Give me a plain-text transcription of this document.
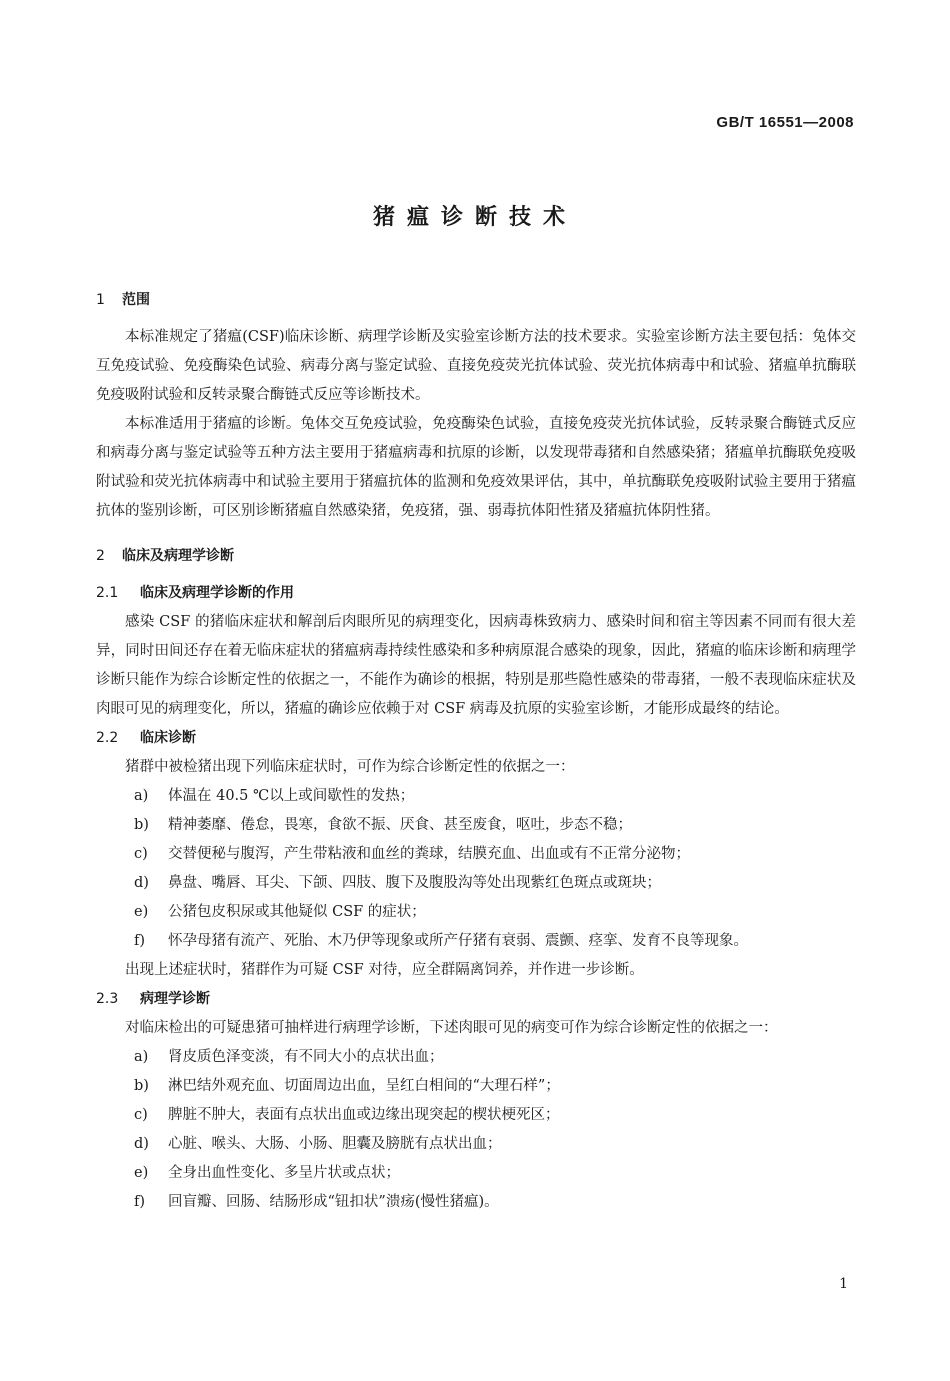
GB/T 16551—2008
猪瘟诊断技术
1 范围

本标准规定了猪瘟(CSF)临床诊断、病理学诊断及实验室诊断方法的技术要求。实验室诊断方法主要包括：兔体交互免疫试验、免疫酶染色试验、病毒分离与鉴定试验、直接免疫荧光抗体试验、荧光抗体病毒中和试验、猪瘟单抗酶联免疫吸附试验和反转录聚合酶链式反应等诊断技术。

本标准适用于猪瘟的诊断。兔体交互免疫试验，免疫酶染色试验，直接免疫荧光抗体试验，反转录聚合酶链式反应和病毒分离与鉴定试验等五种方法主要用于猪瘟病毒和抗原的诊断，以发现带毒猪和自然感染猪；猪瘟单抗酶联免疫吸附试验和荧光抗体病毒中和试验主要用于猪瘟抗体的监测和免疫效果评估，其中，单抗酶联免疫吸附试验主要用于猪瘟抗体的鉴别诊断，可区别诊断猪瘟自然感染猪，免疫猪，强、弱毒抗体阳性猪及猪瘟抗体阴性猪。

2 临床及病理学诊断
2.1 临床及病理学诊断的作用

感染 CSF 的猪临床症状和解剖后肉眼所见的病理变化，因病毒株致病力、感染时间和宿主等因素不同而有很大差异，同时田间还存在着无临床症状的猪瘟病毒持续性感染和多种病原混合感染的现象，因此，猪瘟的临床诊断和病理学诊断只能作为综合诊断定性的依据之一，不能作为确诊的根据，特别是那些隐性感染的带毒猪，一般不表现临床症状及肉眼可见的病理变化，所以，猪瘟的确诊应依赖于对 CSF 病毒及抗原的实验室诊断，才能形成最终的结论。

2.2 临床诊断

猪群中被检猪出现下列临床症状时，可作为综合诊断定性的依据之一：

a)	体温在 40.5 ℃以上或间歇性的发热；

b)	精神萎靡、倦怠，畏寒，食欲不振、厌食、甚至废食，呕吐，步态不稳；

c)	交替便秘与腹泻，产生带粘液和血丝的粪球，结膜充血、出血或有不正常分泌物；

d)	鼻盘、嘴唇、耳尖、下颌、四肢、腹下及腹股沟等处出现紫红色斑点或斑块；

e)	公猪包皮积尿或其他疑似 CSF 的症状；

f)	怀孕母猪有流产、死胎、木乃伊等现象或所产仔猪有衰弱、震颤、痉挛、发育不良等现象。

出现上述症状时，猪群作为可疑 CSF 对待，应全群隔离饲养，并作进一步诊断。

2.3 病理学诊断

对临床检出的可疑患猪可抽样进行病理学诊断，下述肉眼可见的病变可作为综合诊断定性的依据之一：

a)	肾皮质色泽变淡，有不同大小的点状出血；

b)	淋巴结外观充血、切面周边出血，呈红白相间的“大理石样”；

c)	脾脏不肿大，表面有点状出血或边缘出现突起的楔状梗死区；

d)	心脏、喉头、大肠、小肠、胆囊及膀胱有点状出血；

e)	全身出血性变化、多呈片状或点状；

f)	回盲瓣、回肠、结肠形成“钮扣状”溃疡(慢性猪瘟)。

1
